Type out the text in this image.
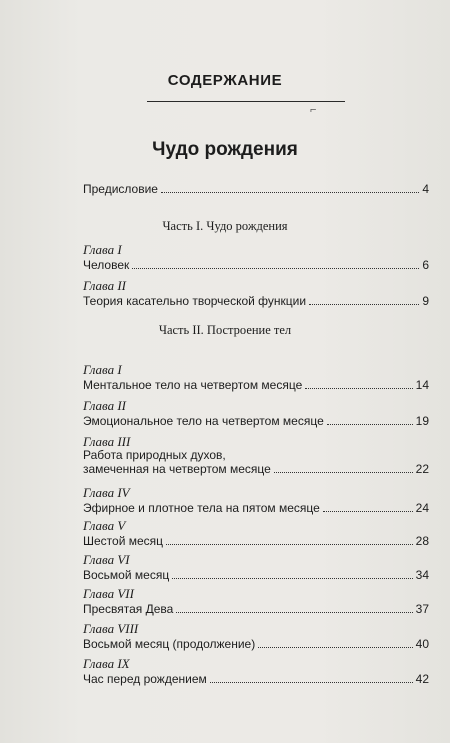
СОДЕРЖАНИЕ
⌐
Чудо рождения
Предисловие	4
Часть I. Чудо рождения
Глава I
Человек	6
Глава II
Теория касательно творческой функции	9
Часть II. Построение тел
Глава I
Ментальное тело на четвертом месяце	14
Глава II
Эмоциональное тело на четвертом месяце	19
Глава III
Работа природных духов,
замеченная на четвертом месяце	22
Глава IV
Эфирное и плотное тела на пятом месяце	24
Глава V
Шестой месяц	28
Глава VI
Восьмой месяц	34
Глава VII
Пресвятая Дева	37
Глава VIII
Восьмой месяц (продолжение)	40
Глава IX
Час перед рождением	42
